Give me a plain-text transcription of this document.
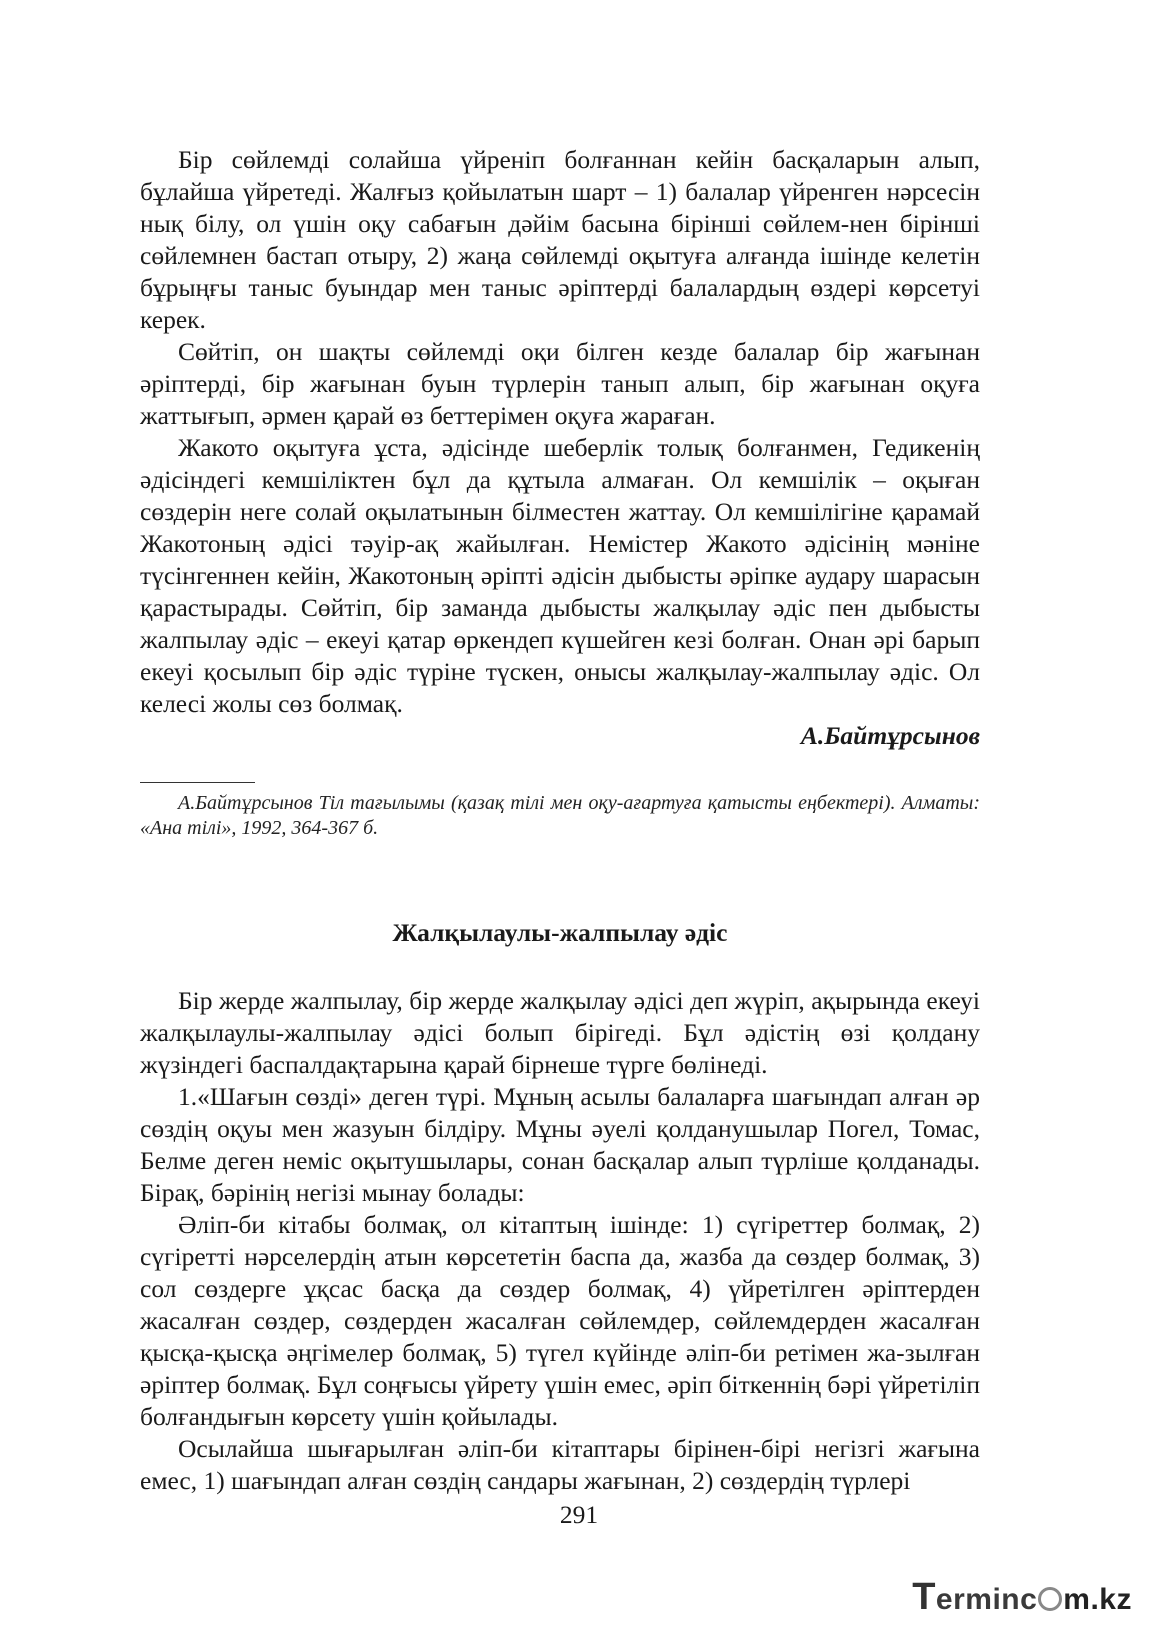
Бір сөйлемді солайша үйреніп болғаннан кейін басқаларын алып, бұлайша үйретеді. Жалғыз қойылатын шарт – 1) балалар үйренген нәрсесін нық білу, ол үшін оқу сабағын дәйім басына бірінші сөйлем-нен бірінші сөйлемнен бастап отыру, 2) жаңа сөйлемді оқытуға алғанда ішінде келетін бұрыңғы таныс буындар мен таныс әріптерді балалардың өздері көрсетуі керек.

Сөйтіп, он шақты сөйлемді оқи білген кезде балалар бір жағынан әріптерді, бір жағынан буын түрлерін танып алып, бір жағынан оқуға жаттығып, әрмен қарай өз беттерімен оқуға жараған.

Жакото оқытуға ұста, әдісінде шеберлік толық болғанмен, Гедикенің әдісіндегі кемшіліктен бұл да құтыла алмаған. Ол кемшілік – оқыған сөздерін неге солай оқылатынын білместен жаттау. Ол кемшілігіне қарамай Жакотоның әдісі тәуір-ақ жайылған. Немістер Жакото әдісінің мәніне түсінгеннен кейін, Жакотоның әріпті әдісін дыбысты әріпке аудару шарасын қарастырады. Сөйтіп, бір заманда дыбысты жалқылау әдіс пен дыбысты жалпылау әдіс – екеуі қатар өркендеп күшейген кезі болған. Онан әрі барып екеуі қосылып бір әдіс түріне түскен, онысы жалқылау-жалпылау әдіс. Ол келесі жолы сөз болмақ.

А.Байтұрсынов

А.Байтұрсынов Тіл тағылымы (қазақ тілі мен оқу-ағартуға қатысты еңбектері). Алматы: «Ана тілі», 1992, 364-367 б.

Жалқылаулы-жалпылау әдіс

Бір жерде жалпылау, бір жерде жалқылау әдісі деп жүріп, ақырында екеуі жалқылаулы-жалпылау әдісі болып бірігеді. Бұл әдістің өзі қолдану жүзіндегі баспалдақтарына қарай бірнеше түрге бөлінеді.

1.«Шағын сөзді» деген түрі. Мұның асылы балаларға шағындап алған әр сөздің оқуы мен жазуын білдіру. Мұны әуелі қолданушылар Погел, Томас, Белме деген неміс оқытушылары, сонан басқалар алып түрліше қолданады. Бірақ, бәрінің негізі мынау болады:

Әліп-би кітабы болмақ, ол кітаптың ішінде: 1) сүгіреттер болмақ, 2) сүгіретті нәрселердің атын көрсететін баспа да, жазба да сөздер болмақ, 3) сол сөздерге ұқсас басқа да сөздер болмақ, 4) үйретілген әріптерден жасалған сөздер, сөздерден жасалған сөйлемдер, сөйлемдерден жасалған қысқа-қысқа әңгімелер болмақ, 5) түгел күйінде әліп-би ретімен жа-зылған әріптер болмақ. Бұл соңғысы үйрету үшін емес, әріп біткеннің бәрі үйретіліп болғандығын көрсету үшін қойылады.

Осылайша шығарылған әліп-би кітаптары бірінен-бірі негізгі жағына емес, 1) шағындап алған сөздің сандары жағынан, 2) сөздердің түрлері

291
T erminc m.kz
